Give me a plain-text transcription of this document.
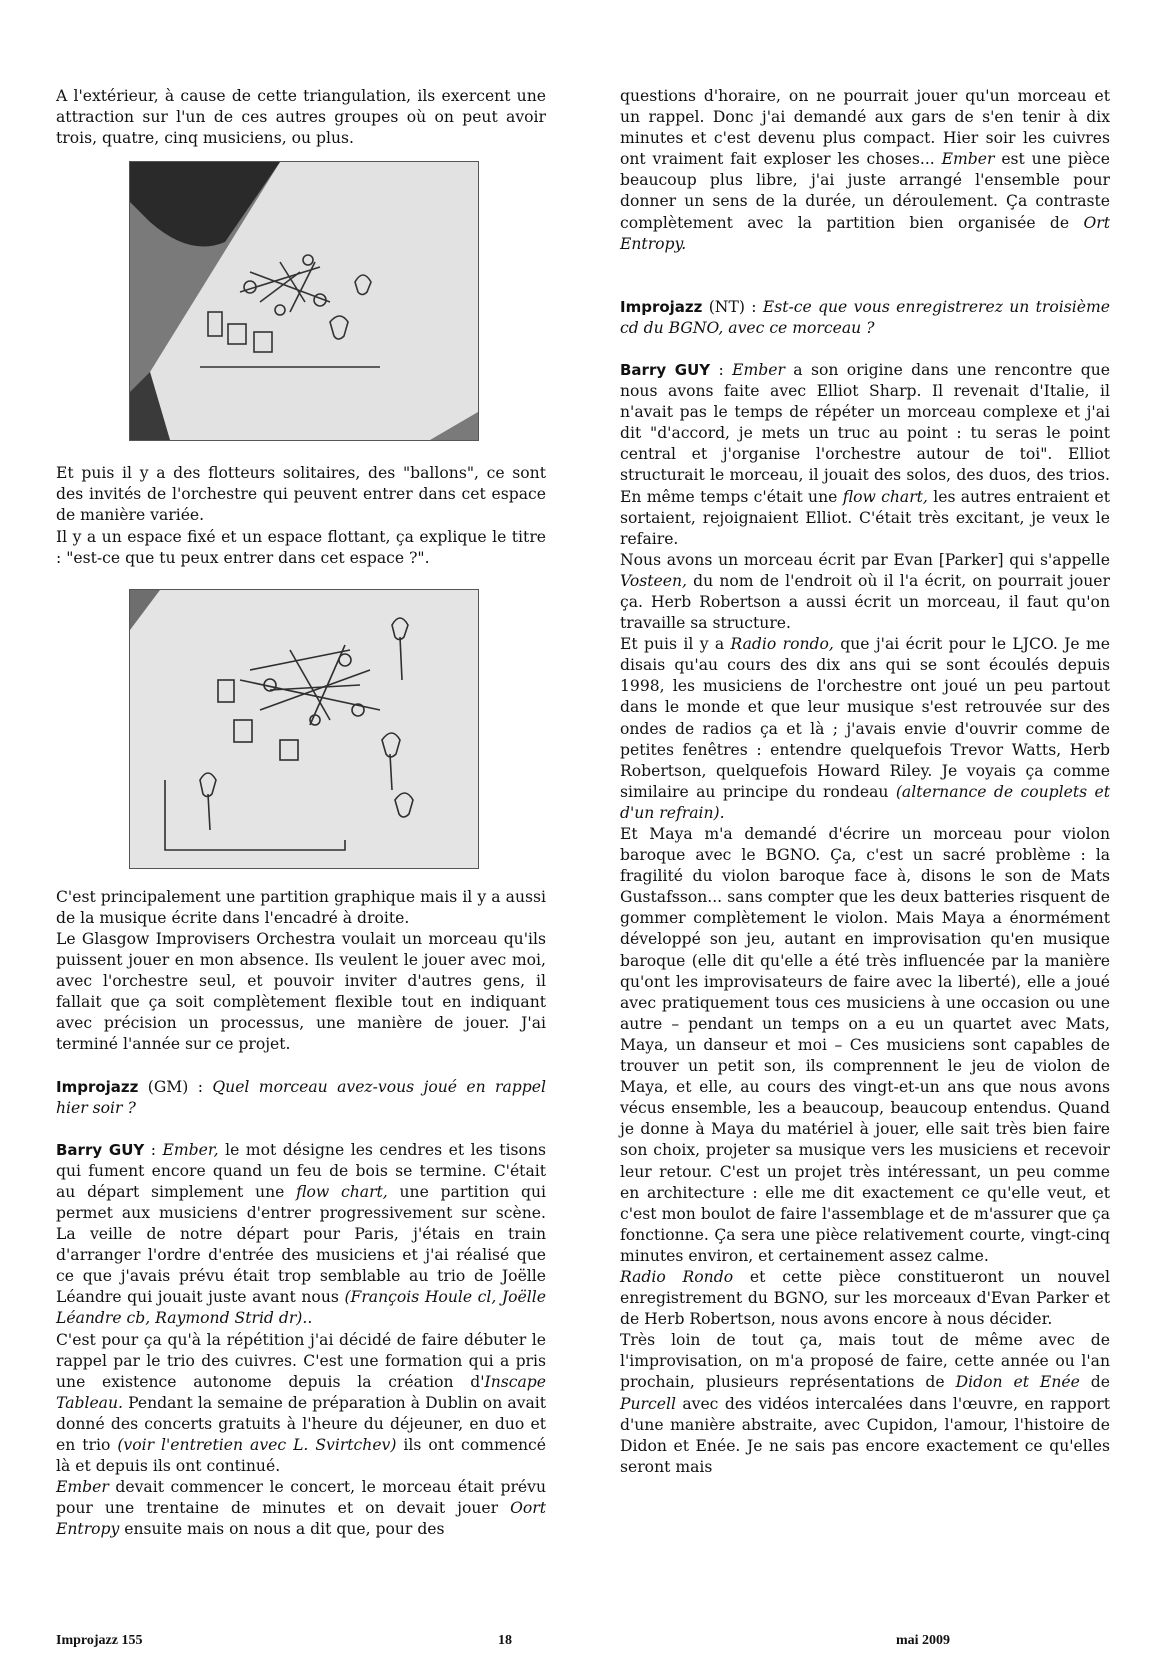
A l'extérieur, à cause de cette triangulation, ils exercent une attraction sur l'un de ces autres groupes où on peut avoir trois, quatre, cinq musiciens, ou plus.

Et puis il y a des flotteurs solitaires, des "ballons", ce sont des invités de l'orchestre qui peuvent entrer dans cet espace de manière variée.

Il y a un espace fixé et un espace flottant, ça explique le titre : "est-ce que tu peux entrer dans cet espace ?".

C'est principalement une partition graphique mais il y a aussi de la musique écrite dans l'encadré à droite.

Le Glasgow Improvisers Orchestra voulait un morceau qu'ils puissent jouer en mon absence. Ils veulent le jouer avec moi, avec l'orchestre seul, et pouvoir inviter d'autres gens, il fallait que ça soit complètement flexible tout en indiquant avec précision un processus, une manière de jouer. J'ai terminé l'année sur ce projet.

Improjazz (GM) : Quel morceau avez-vous joué en rappel hier soir ?

Barry GUY : Ember, le mot désigne les cendres et les tisons qui fument encore quand un feu de bois se termine. C'était au départ simplement une flow chart, une partition qui permet aux musiciens d'entrer progressivement sur scène. La veille de notre départ pour Paris, j'étais en train d'arranger l'ordre d'entrée des musiciens et j'ai réalisé que ce que j'avais prévu était trop semblable au trio de Joëlle Léandre qui jouait juste avant nous (François Houle cl, Joëlle Léandre cb, Raymond Strid dr)..

C'est pour ça qu'à la répétition j'ai décidé de faire débuter le rappel par le trio des cuivres. C'est une formation qui a pris une existence autonome depuis la création d'Inscape Tableau. Pendant la semaine de préparation à Dublin on avait donné des concerts gratuits à l'heure du déjeuner, en duo et en trio (voir l'entretien avec L. Svirtchev) ils ont commencé là et depuis ils ont continué.

Ember devait commencer le concert, le morceau était prévu pour une trentaine de minutes et on devait jouer Oort Entropy ensuite mais on nous a dit que, pour des

questions d'horaire, on ne pourrait jouer qu'un morceau et un rappel. Donc j'ai demandé aux gars de s'en tenir à dix minutes et c'est devenu plus compact. Hier soir les cuivres ont vraiment fait exploser les choses... Ember est une pièce beaucoup plus libre, j'ai juste arrangé l'ensemble pour donner un sens de la durée, un déroulement. Ça contraste complètement avec la partition bien organisée de Ort Entropy.

Improjazz (NT) : Est-ce que vous enregistrerez un troisième cd du BGNO, avec ce morceau ?

Barry GUY : Ember a son origine dans une rencontre que nous avons faite avec Elliot Sharp. Il revenait d'Italie, il n'avait pas le temps de répéter un morceau complexe et j'ai dit "d'accord, je mets un truc au point : tu seras le point central et j'organise l'orchestre autour de toi". Elliot structurait le morceau, il jouait des solos, des duos, des trios. En même temps c'était une flow chart, les autres entraient et sortaient, rejoignaient Elliot. C'était très excitant, je veux le refaire.

Nous avons un morceau écrit par Evan [Parker] qui s'appelle Vosteen, du nom de l'endroit où il l'a écrit, on pourrait jouer ça. Herb Robertson a aussi écrit un morceau, il faut qu'on travaille sa structure.

Et puis il y a Radio rondo, que j'ai écrit pour le LJCO. Je me disais qu'au cours des dix ans qui se sont écoulés depuis 1998, les musiciens de l'orchestre ont joué un peu partout dans le monde et que leur musique s'est retrouvée sur des ondes de radios ça et là ; j'avais envie d'ouvrir comme de petites fenêtres : entendre quelquefois Trevor Watts, Herb Robertson, quelquefois Howard Riley. Je voyais ça comme similaire au principe du rondeau (alternance de couplets et d'un refrain).

Et Maya m'a demandé d'écrire un morceau pour violon baroque avec le BGNO. Ça, c'est un sacré problème : la fragilité du violon baroque face à, disons le son de Mats Gustafsson... sans compter que les deux batteries risquent de gommer complètement le violon. Mais Maya a énormément développé son jeu, autant en improvisation qu'en musique baroque (elle dit qu'elle a été très influencée par la manière qu'ont les improvisateurs de faire avec la liberté), elle a joué avec pratiquement tous ces musiciens à une occasion ou une autre – pendant un temps on a eu un quartet avec Mats, Maya, un danseur et moi – Ces musiciens sont capables de trouver un petit son, ils comprennent le jeu de violon de Maya, et elle, au cours des vingt-et-un ans que nous avons vécus ensemble, les a beaucoup, beaucoup entendus. Quand je donne à Maya du matériel à jouer, elle sait très bien faire son choix, projeter sa musique vers les musiciens et recevoir leur retour. C'est un projet très intéressant, un peu comme en architecture : elle me dit exactement ce qu'elle veut, et c'est mon boulot de faire l'assemblage et de m'assurer que ça fonctionne. Ça sera une pièce relativement courte, vingt-cinq minutes environ, et certainement assez calme.

Radio Rondo et cette pièce constitueront un nouvel enregistrement du BGNO, sur les morceaux d'Evan Parker et de Herb Robertson, nous avons encore à nous décider.

Très loin de tout ça, mais tout de même avec de l'improvisation, on m'a proposé de faire, cette année ou l'an prochain, plusieurs représentations de Didon et Enée de Purcell avec des vidéos intercalées dans l'œuvre, en rapport d'une manière abstraite, avec Cupidon, l'amour, l'histoire de Didon et Enée. Je ne sais pas encore exactement ce qu'elles seront mais

Improjazz 155	18	mai 2009
